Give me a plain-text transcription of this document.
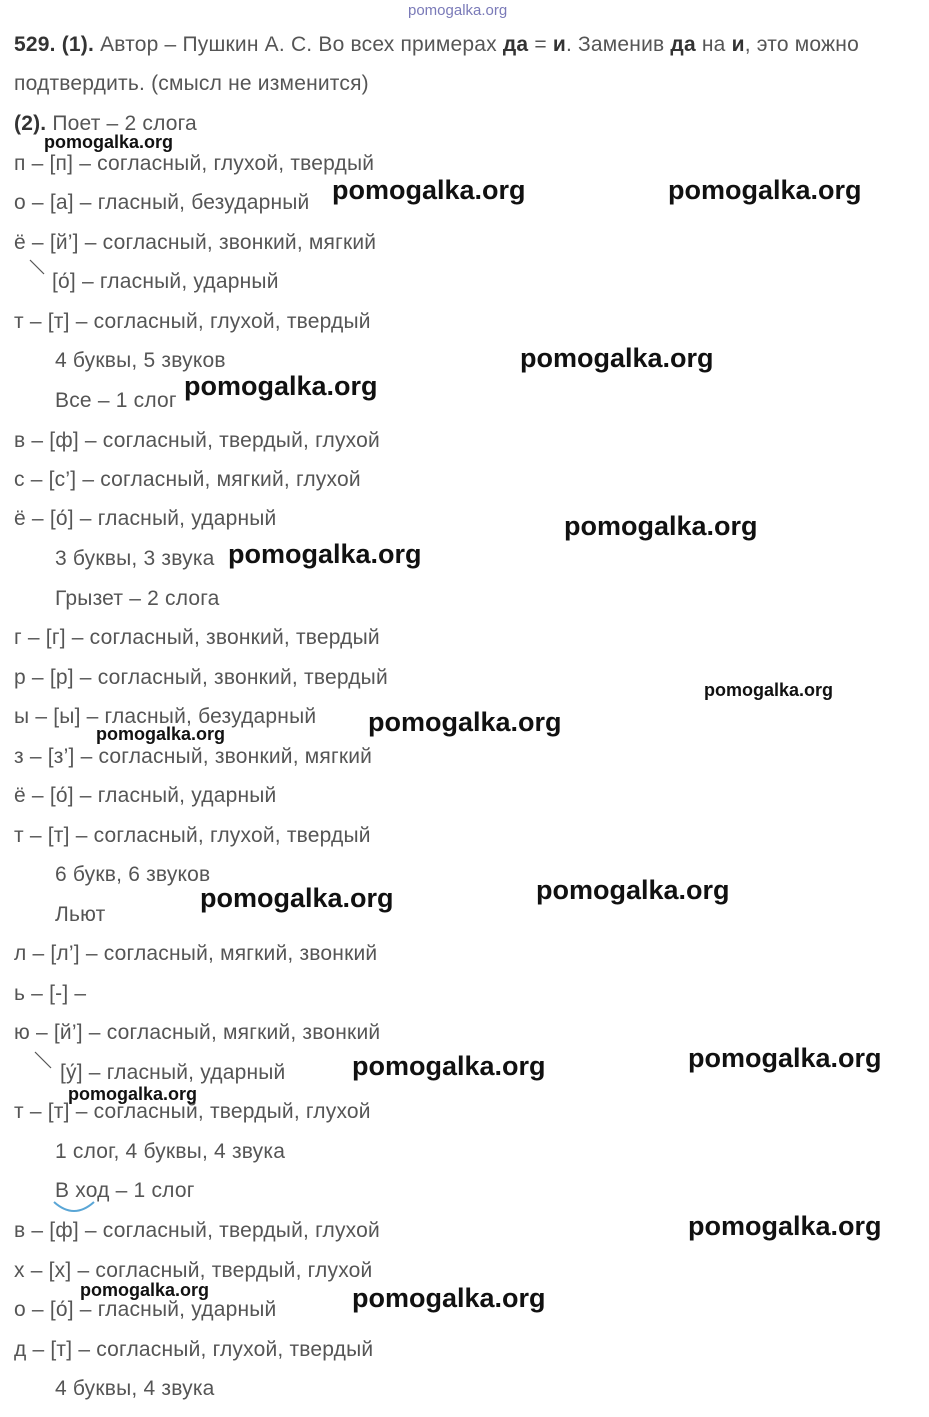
pomogalka.org
529. (1). Автор – Пушкин А. С. Во всех примерах да = и. Заменив да на и, это можно
подтвердить. (смысл не изменится)
(2). Поет – 2 слога
п – [п] – согласный, глухой, твердый
о – [а] – гласный, безударный
ё – [й’] – согласный, звонкий, мягкий
[о́] – гласный, ударный
т – [т] – согласный, глухой, твердый
4 буквы, 5 звуков
Все – 1 слог
в – [ф] – согласный, твердый, глухой
с – [с’] – согласный, мягкий, глухой
ё – [о́] – гласный, ударный
3 буквы, 3 звука
Грызет – 2 слога
г – [г] – согласный, звонкий, твердый
р – [р] – согласный, звонкий, твердый
ы – [ы] – гласный, безударный
з – [з’] – согласный, звонкий, мягкий
ё – [о́] – гласный, ударный
т – [т] – согласный, глухой, твердый
6 букв, 6 звуков
Льют
л – [л’] – согласный, мягкий, звонкий
ь – [-] –
ю – [й’] – согласный, мягкий, звонкий
[у́] – гласный, ударный
т – [т] – согласный, твердый, глухой
1 слог, 4 буквы, 4 звука
В ход – 1 слог
в – [ф] – согласный, твердый, глухой
х – [х] – согласный, твердый, глухой
о – [о́] – гласный, ударный
д – [т] – согласный, глухой, твердый
4 буквы, 4 звука
pomogalka.org
pomogalka.org	pomogalka.org
pomogalka.org
pomogalka.org
pomogalka.org
pomogalka.org
pomogalka.org
pomogalka.org
pomogalka.org
pomogalka.org
pomogalka.org
pomogalka.org
pomogalka.org
pomogalka.org
pomogalka.org
pomogalka.org	pomogalka.org
